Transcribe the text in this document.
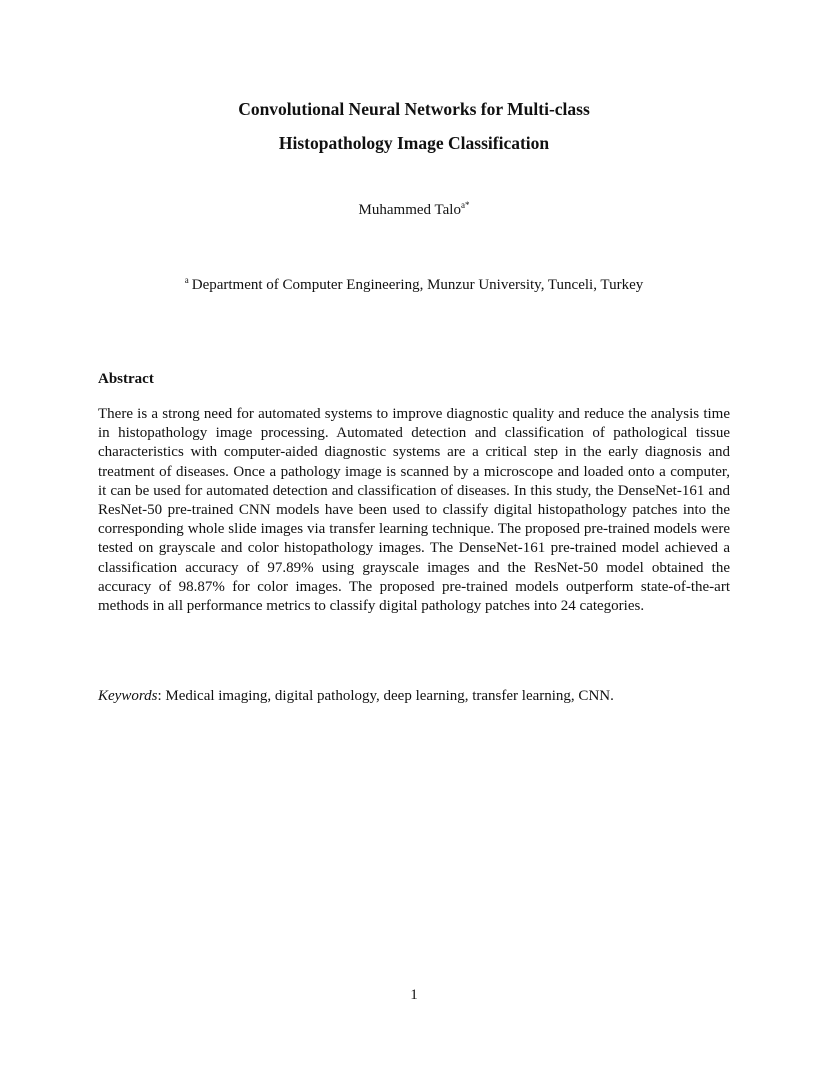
Convolutional Neural Networks for Multi-class
Histopathology Image Classification
Muhammed Talo$^{a*}$
$^a$ Department of Computer Engineering, Munzur University, Tunceli, Turkey
Abstract
There is a strong need for automated systems to improve diagnostic quality and reduce the analysis time in histopathology image processing. Automated detection and classification of pathological tissue characteristics with computer-aided diagnostic systems are a critical step in the early diagnosis and treatment of diseases. Once a pathology image is scanned by a microscope and loaded onto a computer, it can be used for automated detection and classification of diseases. In this study, the DenseNet-161 and ResNet-50 pre-trained CNN models have been used to classify digital histopathology patches into the corresponding whole slide images via transfer learning technique. The proposed pre-trained models were tested on grayscale and color histopathology images. The DenseNet-161 pre-trained model achieved a classification accuracy of 97.89% using grayscale images and the ResNet-50 model obtained the accuracy of 98.87% for color images. The proposed pre-trained models outperform state-of-the-art methods in all performance metrics to classify digital pathology patches into 24 categories.
Keywords: Medical imaging, digital pathology, deep learning, transfer learning, CNN.
1
